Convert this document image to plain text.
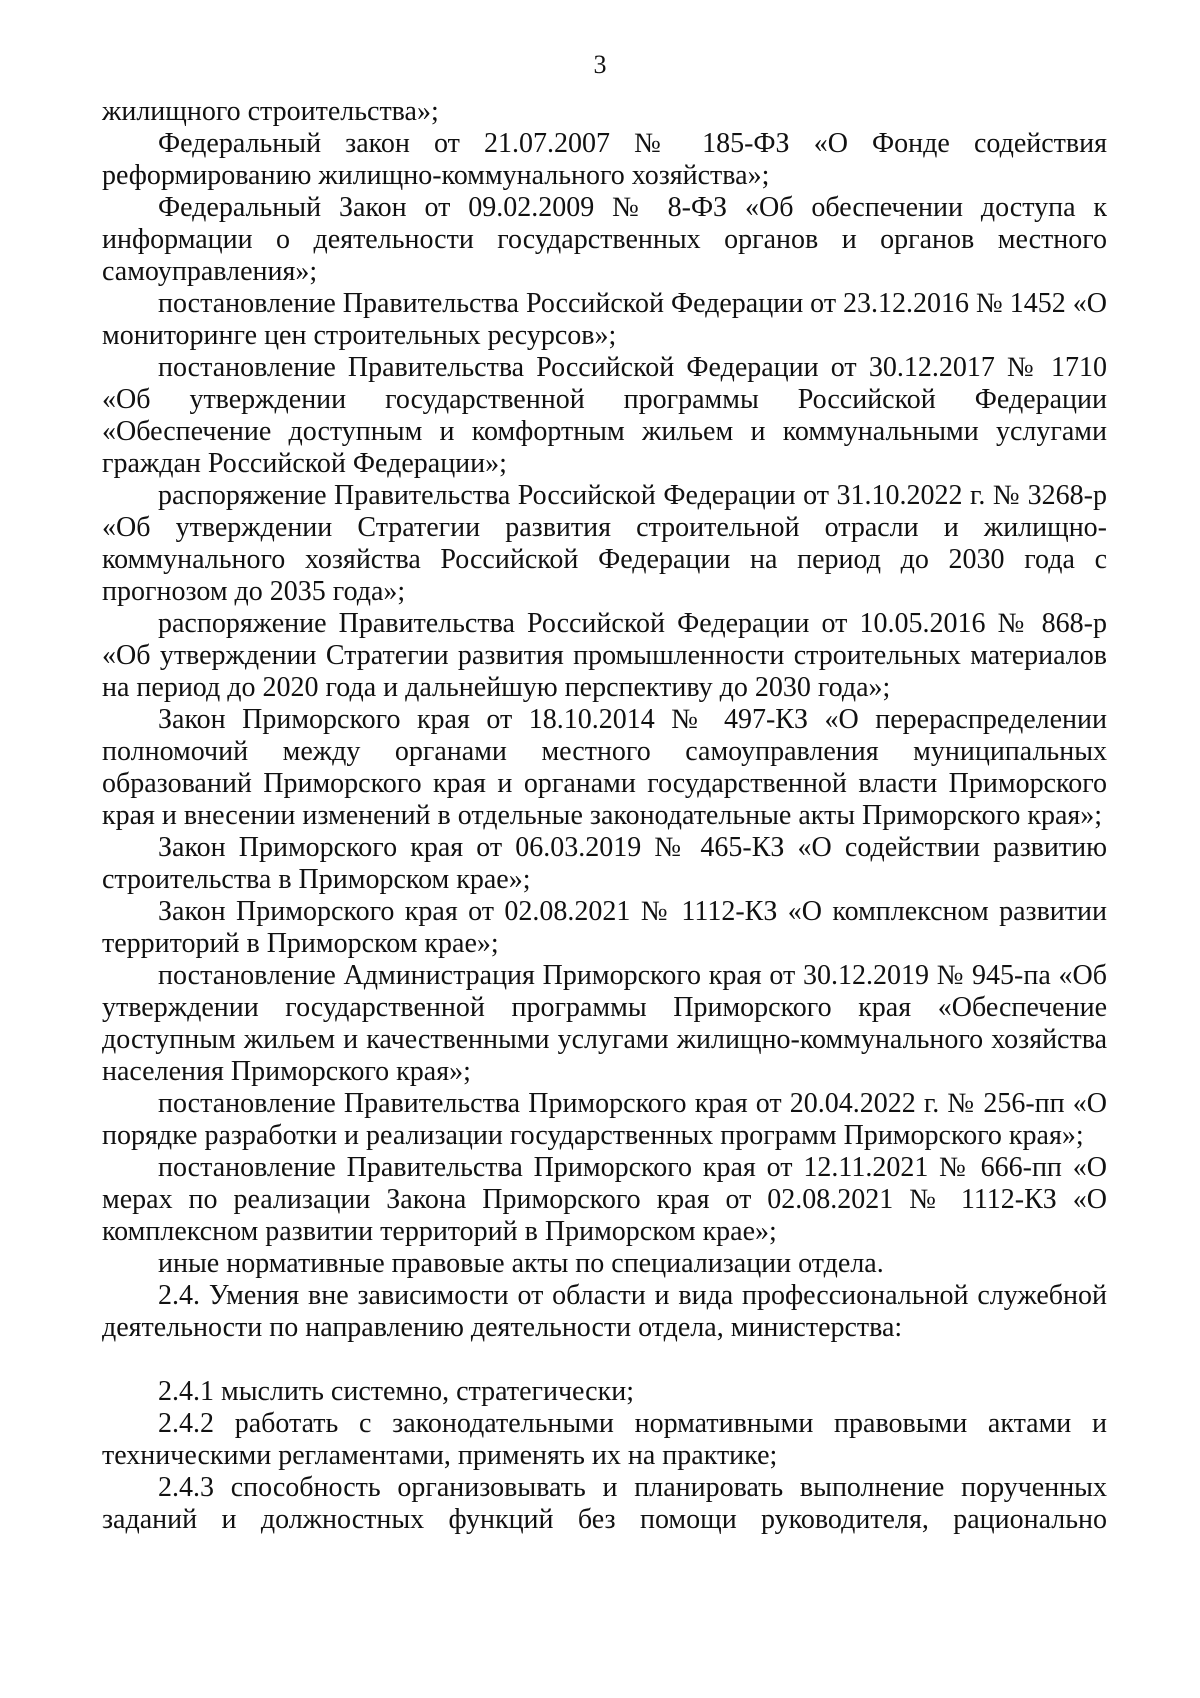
3

жилищного строительства»;

Федеральный закон от 21.07.2007 № 185-ФЗ «О Фонде содействия реформированию жилищно-коммунального хозяйства»;

Федеральный Закон от 09.02.2009 № 8-ФЗ «Об обеспечении доступа к информации о деятельности государственных органов и органов местного самоуправления»;

постановление Правительства Российской Федерации от 23.12.2016 № 1452 «О мониторинге цен строительных ресурсов»;

постановление Правительства Российской Федерации от 30.12.2017 № 1710 «Об утверждении государственной программы Российской Федерации «Обеспечение доступным и комфортным жильем и коммунальными услугами граждан Российской Федерации»;

распоряжение Правительства Российской Федерации от 31.10.2022 г. № 3268-р «Об утверждении Стратегии развития строительной отрасли и жилищно-коммунального хозяйства Российской Федерации на период до 2030 года с прогнозом до 2035 года»;

распоряжение Правительства Российской Федерации от 10.05.2016 № 868-р «Об утверждении Стратегии развития промышленности строительных материалов на период до 2020 года и дальнейшую перспективу до 2030 года»;

Закон Приморского края от 18.10.2014 № 497-КЗ «О перераспределении полномочий между органами местного самоуправления муниципальных образований Приморского края и органами государственной власти Приморского края и внесении изменений в отдельные законодательные акты Приморского края»;

Закон Приморского края от 06.03.2019 № 465-КЗ «О содействии развитию строительства в Приморском крае»;

Закон Приморского края от 02.08.2021 № 1112-КЗ «О комплексном развитии территорий в Приморском крае»;

постановление Администрация Приморского края от 30.12.2019 № 945-па «Об утверждении государственной программы Приморского края «Обеспечение доступным жильем и качественными услугами жилищно-коммунального хозяйства населения Приморского края»;

постановление Правительства Приморского края от 20.04.2022 г. № 256-пп «О порядке разработки и реализации государственных программ Приморского края»;

постановление Правительства Приморского края от 12.11.2021 № 666-пп «О мерах по реализации Закона Приморского края от 02.08.2021 № 1112-КЗ «О комплексном развитии территорий в Приморском крае»;

иные нормативные правовые акты по специализации отдела.

2.4. Умения вне зависимости от области и вида профессиональной служебной деятельности по направлению деятельности отдела, министерства:

2.4.1 мыслить системно, стратегически;

2.4.2 работать с законодательными нормативными правовыми актами и техническими регламентами, применять их на практике;

2.4.3 способность организовывать и планировать выполнение порученных заданий и должностных функций без помощи руководителя, рационально
